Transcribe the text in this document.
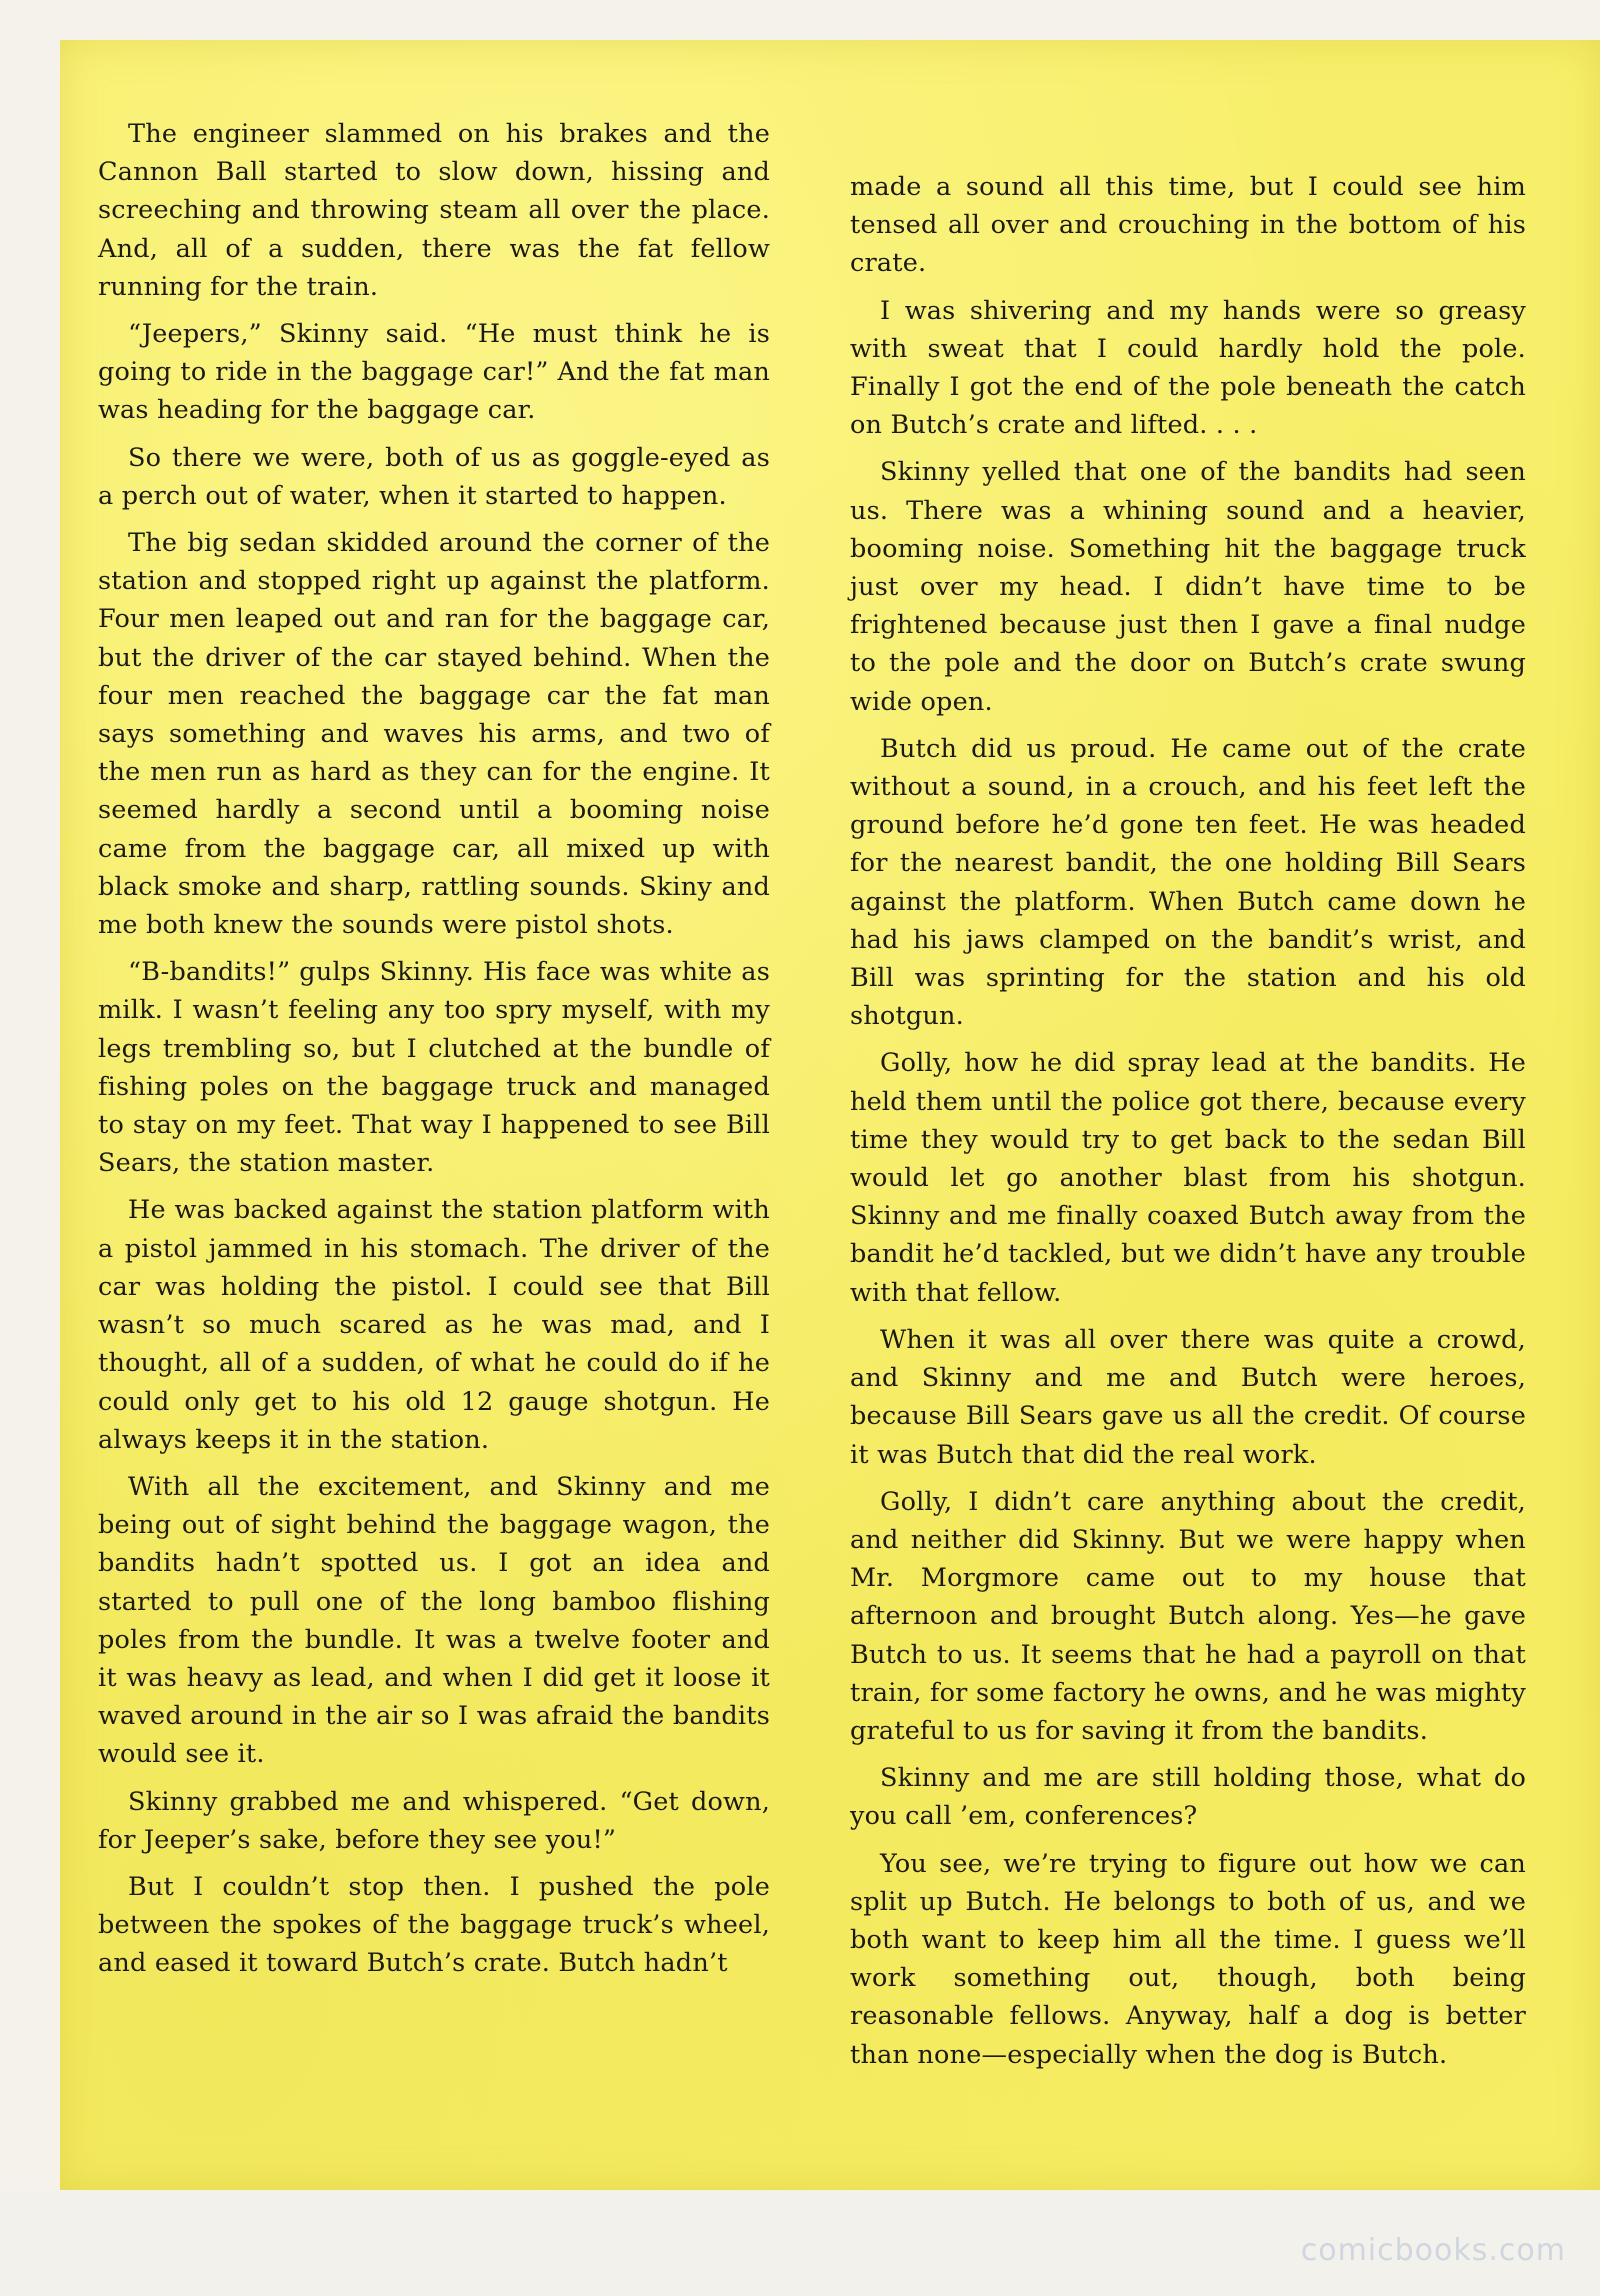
The engineer slammed on his brakes and the Cannon Ball started to slow down, hissing and screeching and throwing steam all over the place. And, all of a sudden, there was the fat fellow running for the train.

“Jeepers,” Skinny said. “He must think he is going to ride in the baggage car!” And the fat man was heading for the baggage car.

So there we were, both of us as goggle-eyed as a perch out of water, when it started to happen.

The big sedan skidded around the corner of the station and stopped right up against the platform. Four men leaped out and ran for the baggage car, but the driver of the car stayed behind. When the four men reached the baggage car the fat man says something and waves his arms, and two of the men run as hard as they can for the engine. It seemed hardly a second until a booming noise came from the baggage car, all mixed up with black smoke and sharp, rattling sounds. Skiny and me both knew the sounds were pistol shots.

“B-bandits!” gulps Skinny. His face was white as milk. I wasn’t feeling any too spry myself, with my legs trembling so, but I clutched at the bundle of fishing poles on the baggage truck and managed to stay on my feet. That way I happened to see Bill Sears, the station master.

He was backed against the station platform with a pistol jammed in his stomach. The driver of the car was holding the pistol. I could see that Bill wasn’t so much scared as he was mad, and I thought, all of a sudden, of what he could do if he could only get to his old 12 gauge shotgun. He always keeps it in the station.

With all the excitement, and Skinny and me being out of sight behind the baggage wagon, the bandits hadn’t spotted us. I got an idea and started to pull one of the long bamboo flishing poles from the bundle. It was a twelve footer and it was heavy as lead, and when I did get it loose it waved around in the air so I was afraid the bandits would see it.

Skinny grabbed me and whispered. “Get down, for Jeeper’s sake, before they see you!”

But I couldn’t stop then. I pushed the pole between the spokes of the baggage truck’s wheel, and eased it toward Butch’s crate. Butch hadn’t

made a sound all this time, but I could see him tensed all over and crouching in the bottom of his crate.

I was shivering and my hands were so greasy with sweat that I could hardly hold the pole. Finally I got the end of the pole beneath the catch on Butch’s crate and lifted. . . .

Skinny yelled that one of the bandits had seen us. There was a whining sound and a heavier, booming noise. Something hit the baggage truck just over my head. I didn’t have time to be frightened because just then I gave a final nudge to the pole and the door on Butch’s crate swung wide open.

Butch did us proud. He came out of the crate without a sound, in a crouch, and his feet left the ground before he’d gone ten feet. He was headed for the nearest bandit, the one holding Bill Sears against the platform. When Butch came down he had his jaws clamped on the bandit’s wrist, and Bill was sprinting for the station and his old shotgun.

Golly, how he did spray lead at the bandits. He held them until the police got there, because every time they would try to get back to the sedan Bill would let go another blast from his shotgun. Skinny and me finally coaxed Butch away from the bandit he’d tackled, but we didn’t have any trouble with that fellow.

When it was all over there was quite a crowd, and Skinny and me and Butch were heroes, because Bill Sears gave us all the credit. Of course it was Butch that did the real work.

Golly, I didn’t care anything about the credit, and neither did Skinny. But we were happy when Mr. Morgmore came out to my house that afternoon and brought Butch along. Yes—he gave Butch to us. It seems that he had a payroll on that train, for some factory he owns, and he was mighty grateful to us for saving it from the bandits.

Skinny and me are still holding those, what do you call ’em, conferences?

You see, we’re trying to figure out how we can split up Butch. He belongs to both of us, and we both want to keep him all the time. I guess we’ll work something out, though, both being reasonable fellows. Anyway, half a dog is better than none—especially when the dog is Butch.

comicbooks.com
